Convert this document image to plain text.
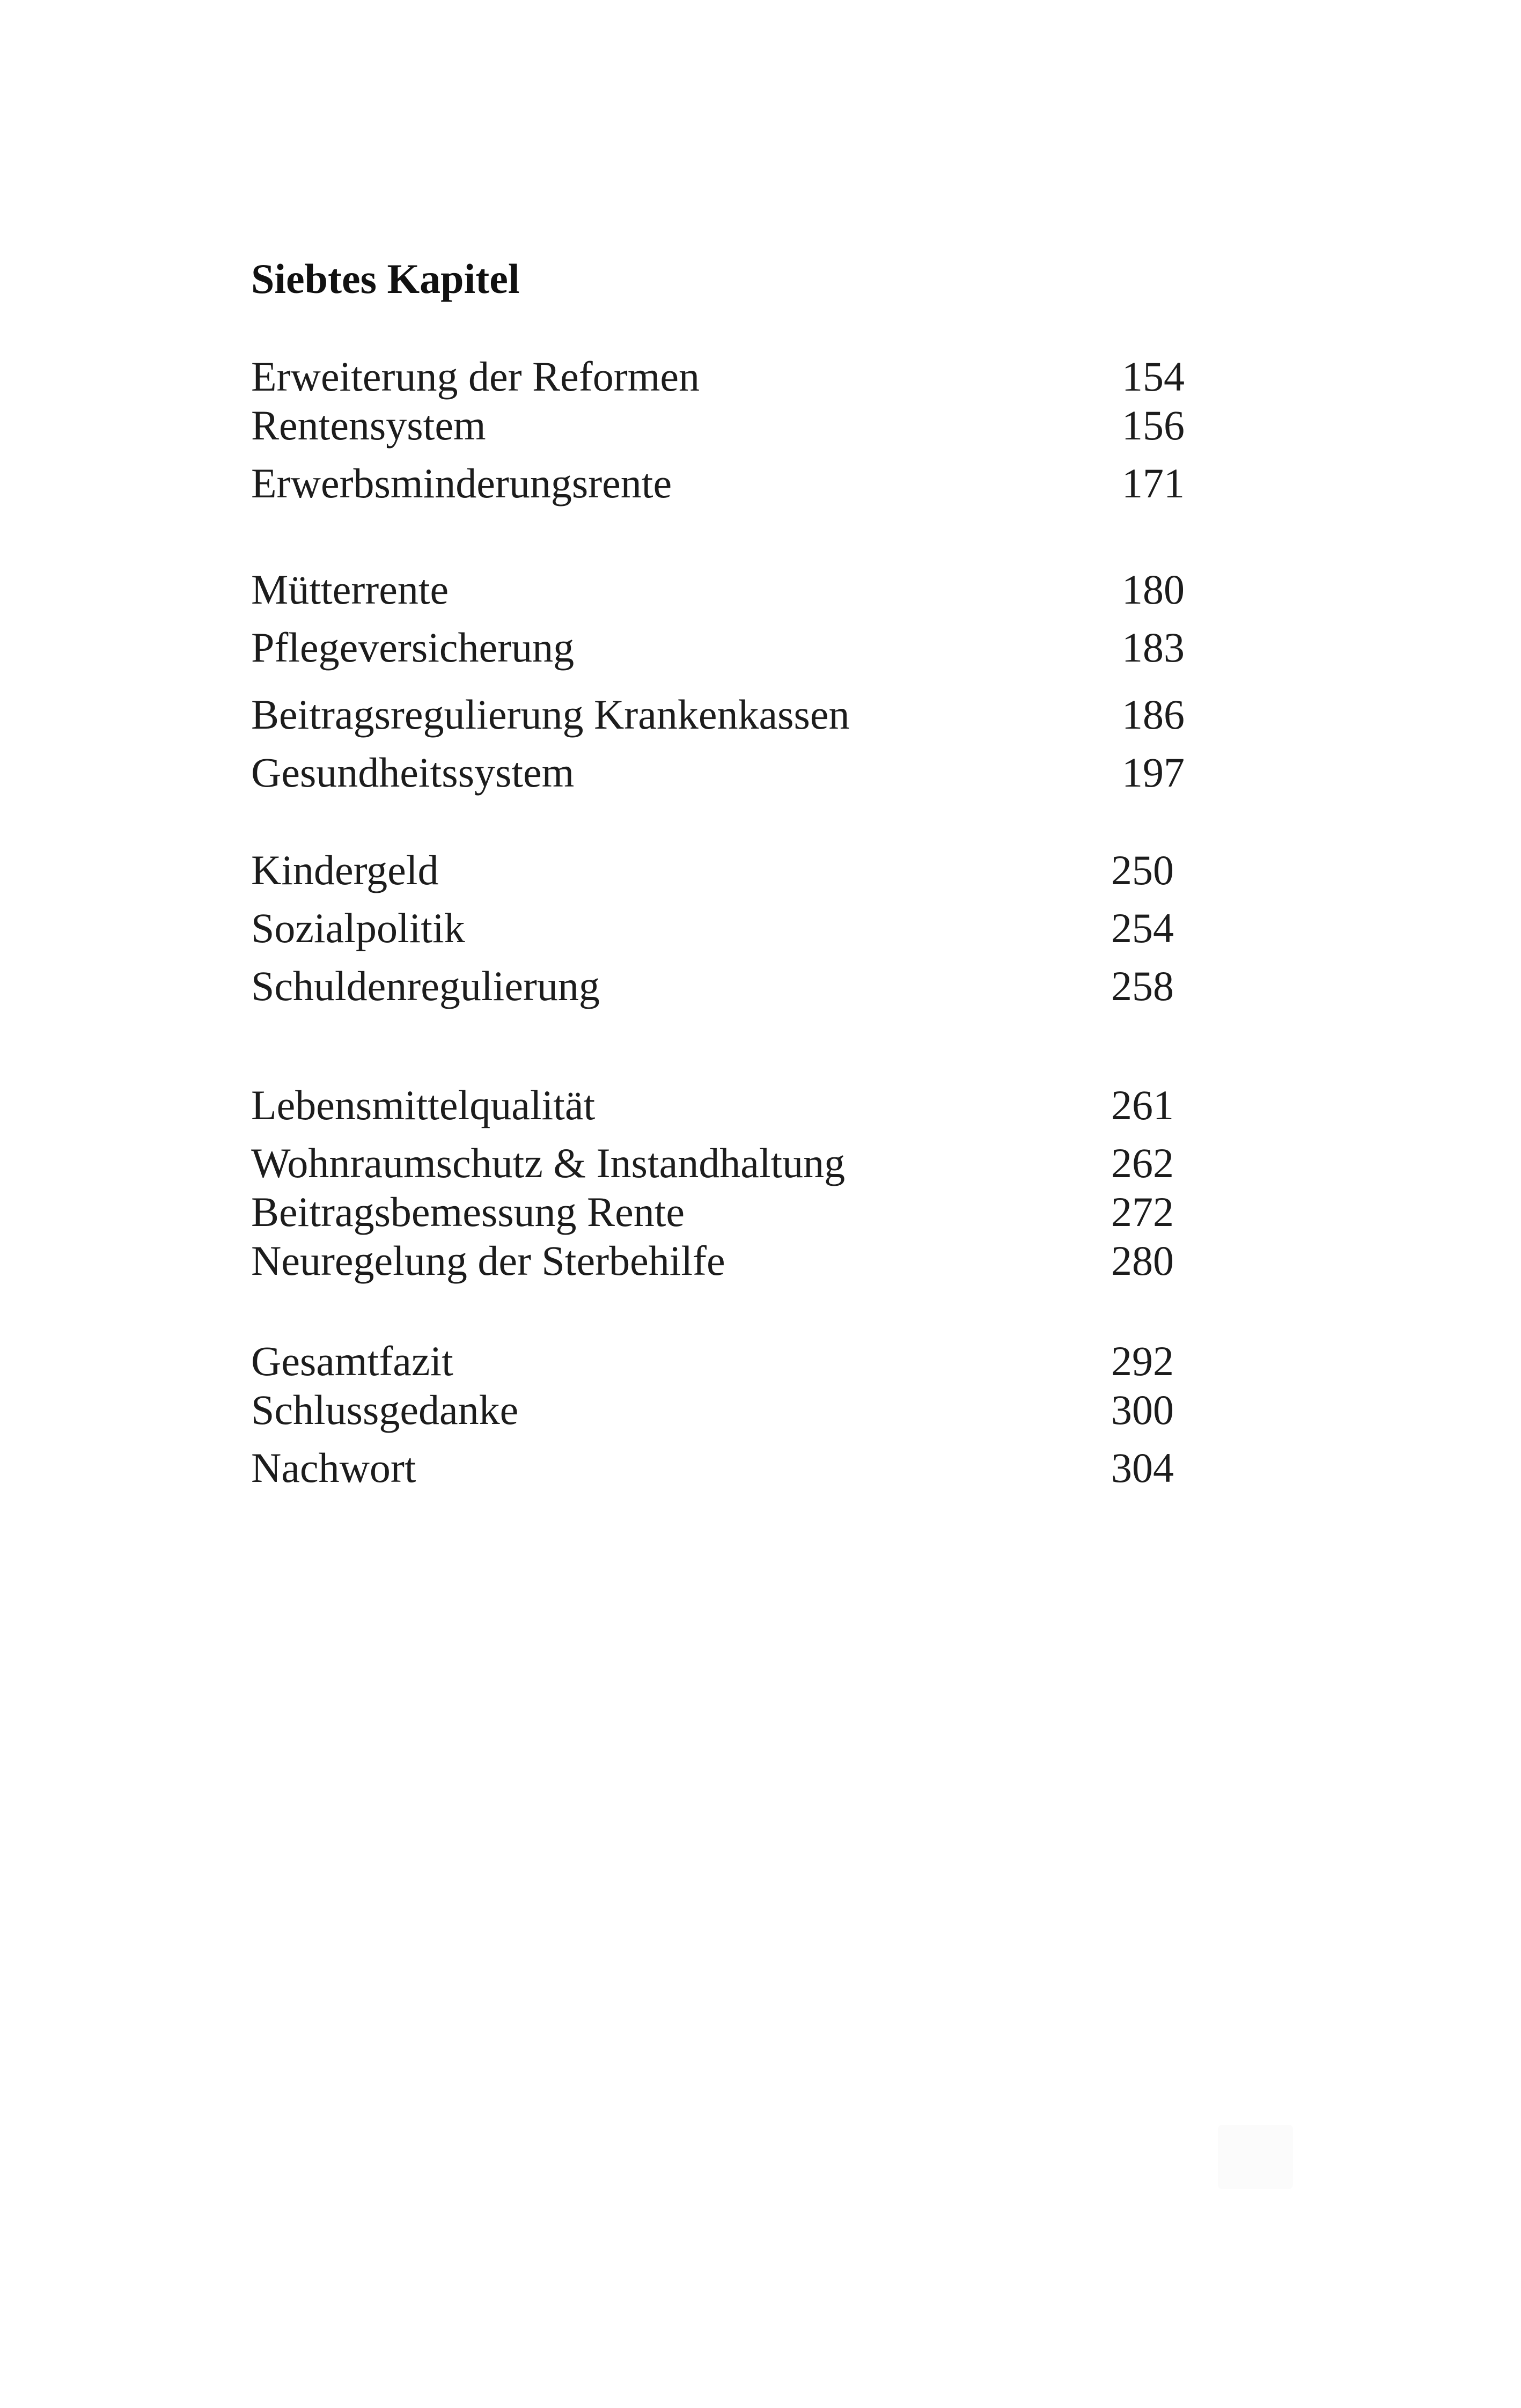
Siebtes Kapitel
Erweiterung der Reformen	154
Rentensystem	156
Erwerbsminderungsrente	171
Mütterrente	180
Pflegeversicherung	183
Beitragsregulierung Krankenkassen	186
Gesundheitssystem	197
Kindergeld	250
Sozialpolitik	254
Schuldenregulierung	258
Lebensmittelqualität	261
Wohnraumschutz & Instandhaltung	262
Beitragsbemessung Rente	272
Neuregelung der Sterbehilfe	280
Gesamtfazit	292
Schlussgedanke	300
Nachwort	304
